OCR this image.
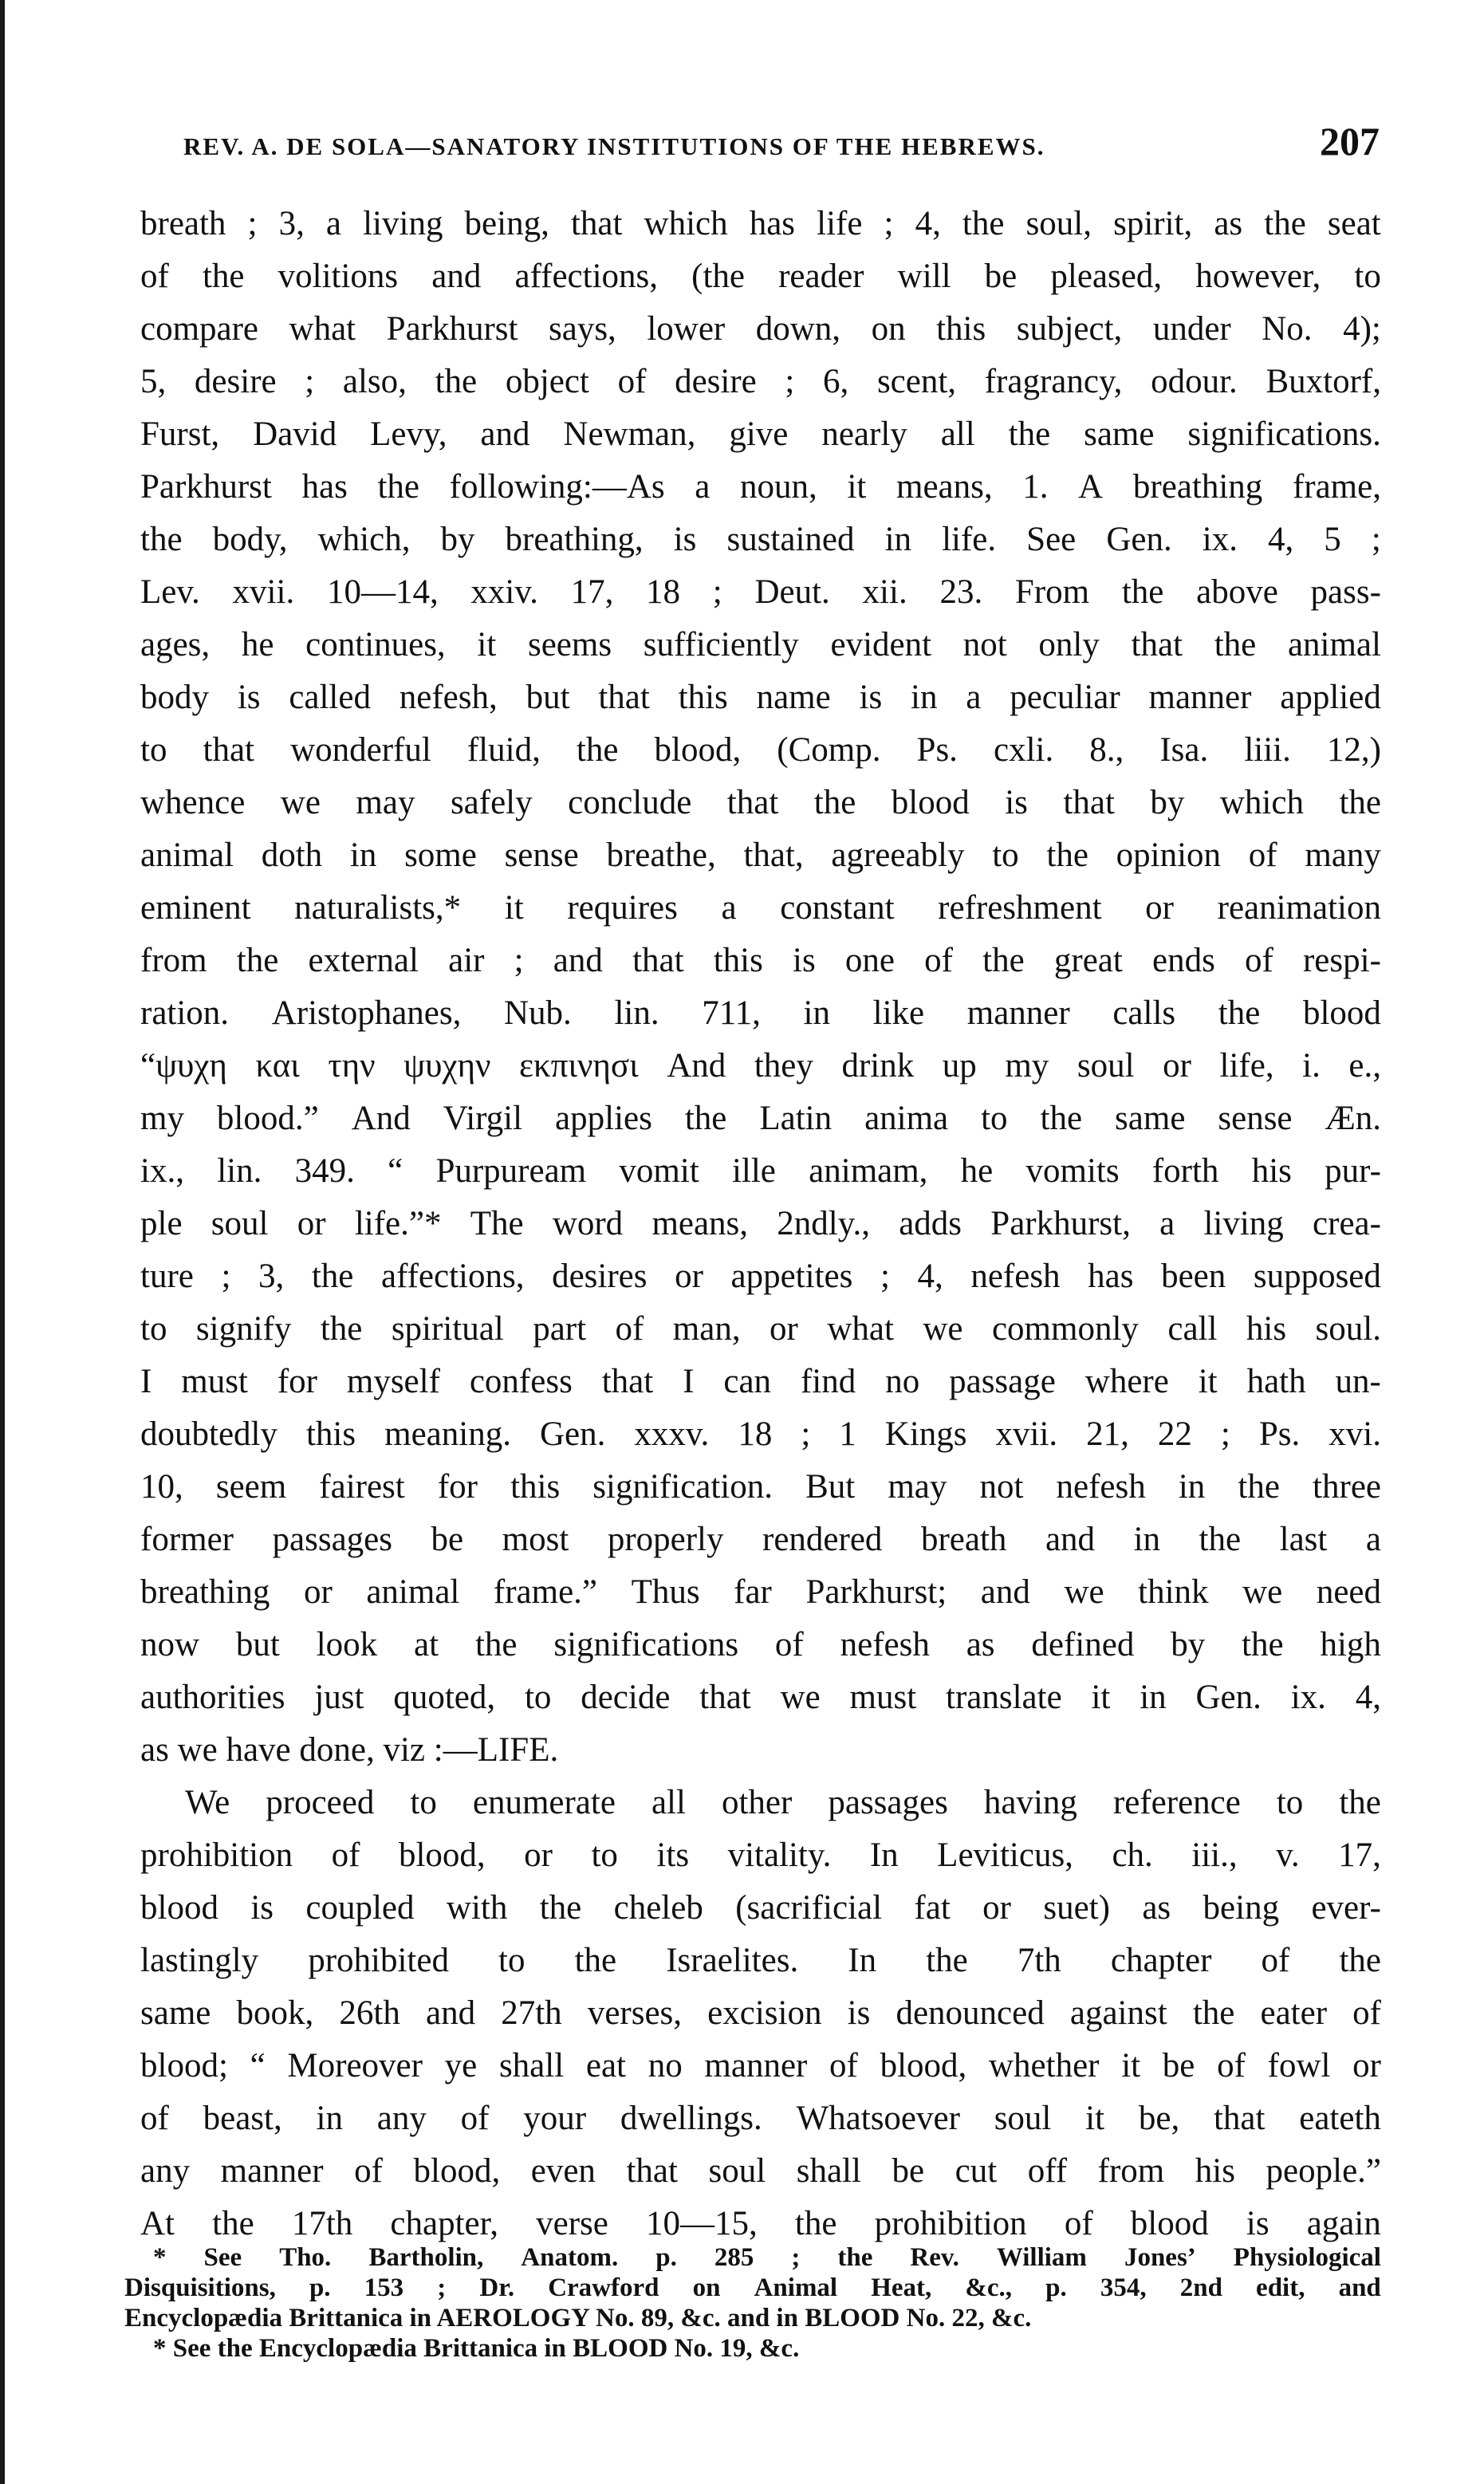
REV. A. DE SOLA—SANATORY INSTITUTIONS OF THE HEBREWS.	207
breath ; 3, a living being, that which has life ; 4, the soul, spirit, as the seat
of the volitions and affections, (the reader will be pleased, however, to
compare what Parkhurst says, lower down, on this subject, under No. 4);
5, desire ; also, the object of desire ; 6, scent, fragrancy, odour. Buxtorf,
Furst, David Levy, and Newman, give nearly all the same significations.
Parkhurst has the following:—As a noun, it means, 1. A breathing frame,
the body, which, by breathing, is sustained in life. See Gen. ix. 4, 5 ;
Lev. xvii. 10—14, xxiv. 17, 18 ; Deut. xii. 23. From the above pass-
ages, he continues, it seems sufficiently evident not only that the animal
body is called nefesh, but that this name is in a peculiar manner applied
to that wonderful fluid, the blood, (Comp. Ps. cxli. 8., Isa. liii. 12,)
whence we may safely conclude that the blood is that by which the
animal doth in some sense breathe, that, agreeably to the opinion of many
eminent naturalists,* it requires a constant refreshment or reanimation
from the external air ; and that this is one of the great ends of respi-
ration. Aristophanes, Nub. lin. 711, in like manner calls the blood
“ψυχη και την ψυχην εκπινησι And they drink up my soul or life, i. e.,
my blood.” And Virgil applies the Latin anima to the same sense Æn.
ix., lin. 349. “ Purpuream vomit ille animam, he vomits forth his pur-
ple soul or life.”* The word means, 2ndly., adds Parkhurst, a living crea-
ture ; 3, the affections, desires or appetites ; 4, nefesh has been supposed
to signify the spiritual part of man, or what we commonly call his soul.
I must for myself confess that I can find no passage where it hath un-
doubtedly this meaning. Gen. xxxv. 18 ; 1 Kings xvii. 21, 22 ; Ps. xvi.
10, seem fairest for this signification. But may not nefesh in the three
former passages be most properly rendered breath and in the last a
breathing or animal frame.” Thus far Parkhurst; and we think we need
now but look at the significations of nefesh as defined by the high
authorities just quoted, to decide that we must translate it in Gen. ix. 4,
as we have done, viz :—LIFE.
We proceed to enumerate all other passages having reference to the
prohibition of blood, or to its vitality. In Leviticus, ch. iii., v. 17,
blood is coupled with the cheleb (sacrificial fat or suet) as being ever-
lastingly prohibited to the Israelites. In the 7th chapter of the
same book, 26th and 27th verses, excision is denounced against the eater of
blood; “ Moreover ye shall eat no manner of blood, whether it be of fowl or
of beast, in any of your dwellings. Whatsoever soul it be, that eateth
any manner of blood, even that soul shall be cut off from his people.”
At the 17th chapter, verse 10—15, the prohibition of blood is again
* See Tho. Bartholin, Anatom. p. 285 ; the Rev. William Jones’ Physiological
Disquisitions, p. 153 ; Dr. Crawford on Animal Heat, &c., p. 354, 2nd edit, and
Encyclopædia Brittanica in AEROLOGY No. 89, &c. and in BLOOD No. 22, &c.
* See the Encyclopædia Brittanica in BLOOD No. 19, &c.
